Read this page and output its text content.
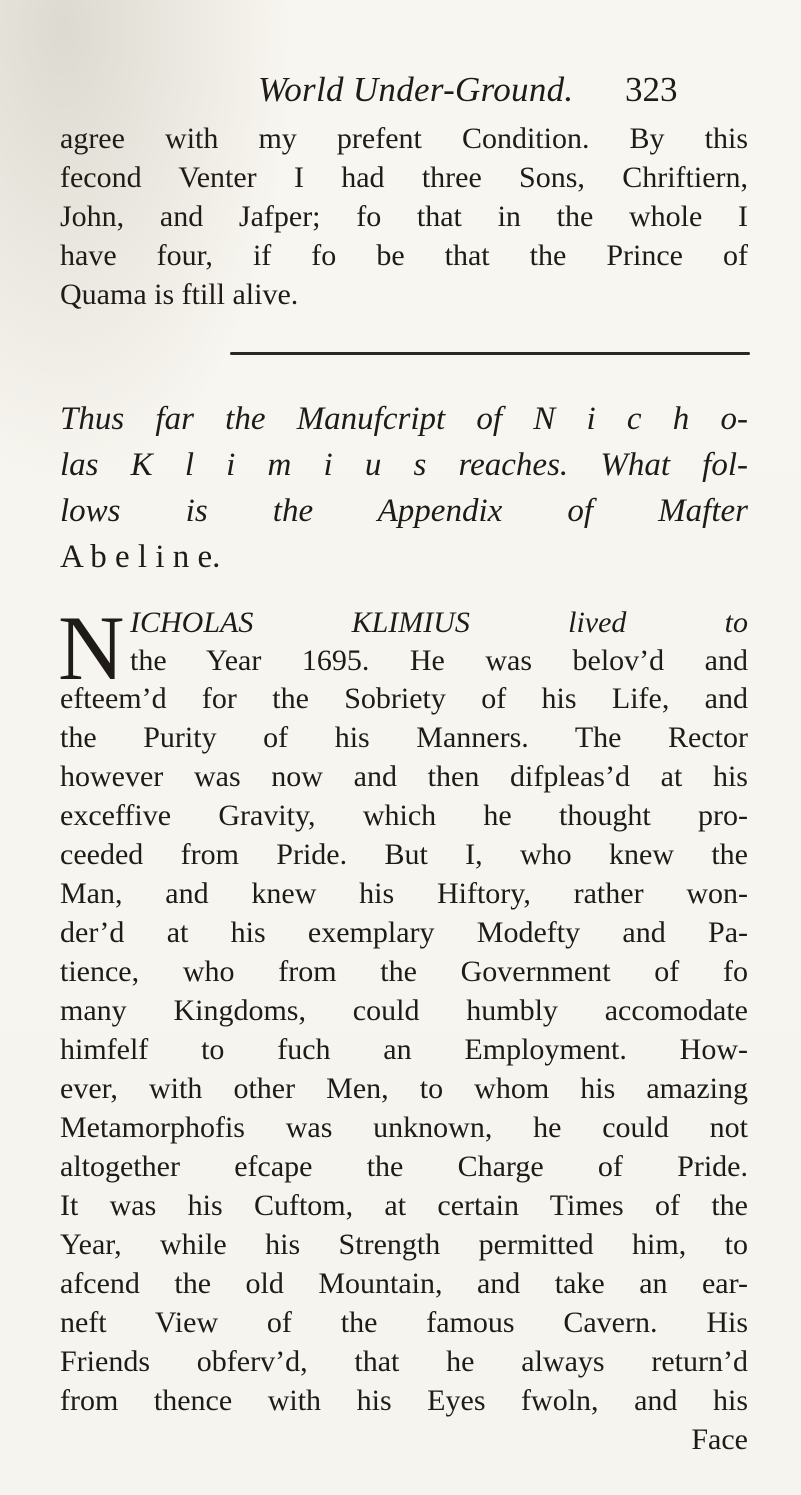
World Under-Ground. 323
agree with my prefent Condition. By this
fecond Venter I had three Sons, Chriftiern,
John, and Jafper; fo that in the whole I
have four, if fo be that the Prince of
Quama is ftill alive.
Thus far the Manufcript of N i c h o-
las K l i m i u s reaches. What fol-
lows is the Appendix of Mafter
A b e l i n e.
N ICHOLAS KLIMIUS lived to
the Year 1695. He was belov’d and
efteem’d for the Sobriety of his Life, and
the Purity of his Manners. The Rector
however was now and then difpleas’d at his
exceffive Gravity, which he thought pro-
ceeded from Pride. But I, who knew the
Man, and knew his Hiftory, rather won-
der’d at his exemplary Modefty and Pa-
tience, who from the Government of fo
many Kingdoms, could humbly accomodate
himfelf to fuch an Employment. How-
ever, with other Men, to whom his amazing
Metamorphofis was unknown, he could not
altogether efcape the Charge of Pride.
It was his Cuftom, at certain Times of the
Year, while his Strength permitted him, to
afcend the old Mountain, and take an ear-
neft View of the famous Cavern. His
Friends obferv’d, that he always return’d
from thence with his Eyes fwoln, and his
Face
